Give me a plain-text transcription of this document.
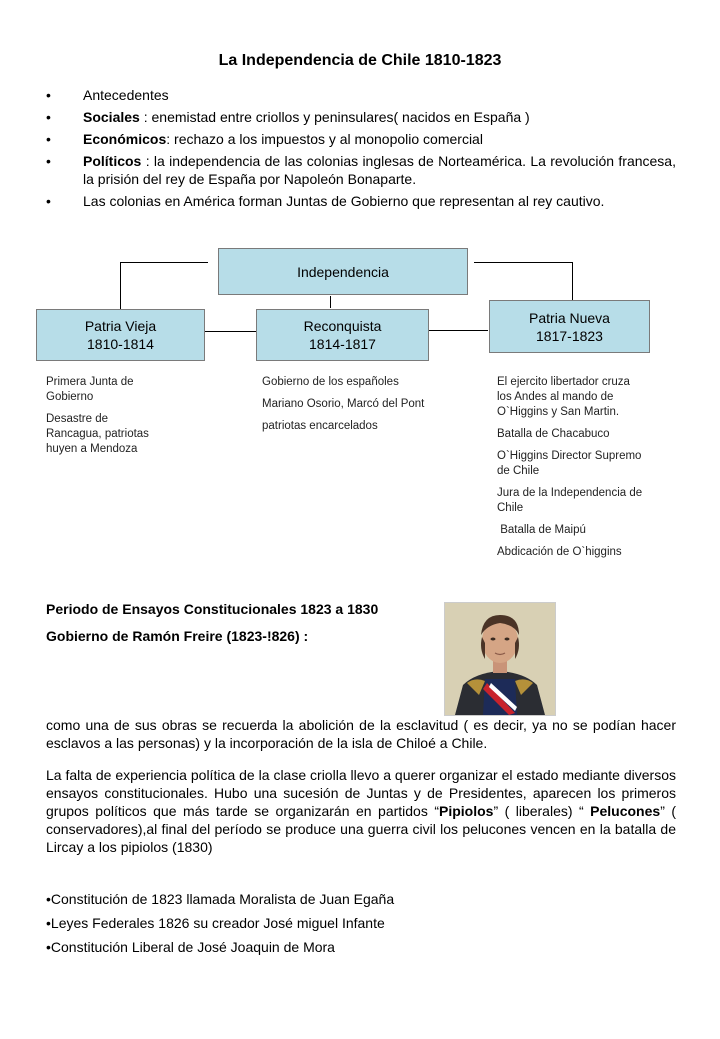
La Independencia de Chile 1810-1823
• Antecedentes
• Sociales : enemistad entre criollos y peninsulares( nacidos en España )
• Económicos: rechazo a los impuestos y al monopolio comercial
• Políticos : la independencia de las colonias inglesas de Norteamérica. La revolución francesa, la prisión del rey de España por Napoleón Bonaparte.
• Las colonias en América forman Juntas de Gobierno que representan al rey cautivo.
Independencia
Patria Vieja
1810-1814
Reconquista
1814-1817
Patria Nueva
1817-1823

Primera Junta de Gobierno

Desastre de Rancagua, patriotas huyen a Mendoza

Gobierno de los españoles

Mariano Osorio, Marcó del Pont

patriotas encarcelados

El ejercito libertador cruza los Andes al mando de O`Higgins y San Martin.

Batalla de Chacabuco

O`Higgins Director Supremo de Chile

Jura de la Independencia de Chile

Batalla de Maipú

Abdicación de O`higgins

Periodo de Ensayos Constitucionales 1823 a 1830
Gobierno de Ramón Freire (1823-!826) :
como una de sus obras se recuerda la abolición de la esclavitud ( es decir, ya no se podían hacer esclavos a las personas) y la incorporación de la isla de Chiloé a Chile.
La falta de experiencia política de la clase criolla llevo a querer organizar el estado mediante diversos ensayos constitucionales. Hubo una sucesión de Juntas y de Presidentes, aparecen los primeros grupos políticos que más tarde se organizarán en partidos “Pipiolos” ( liberales) “ Pelucones” ( conservadores),al final del período se produce una guerra civil los pelucones vencen en la batalla de Lircay a los pipiolos (1830)
•Constitución de 1823 llamada Moralista de Juan Egaña
•Leyes Federales 1826 su creador José miguel Infante
•Constitución Liberal de José Joaquin de Mora
